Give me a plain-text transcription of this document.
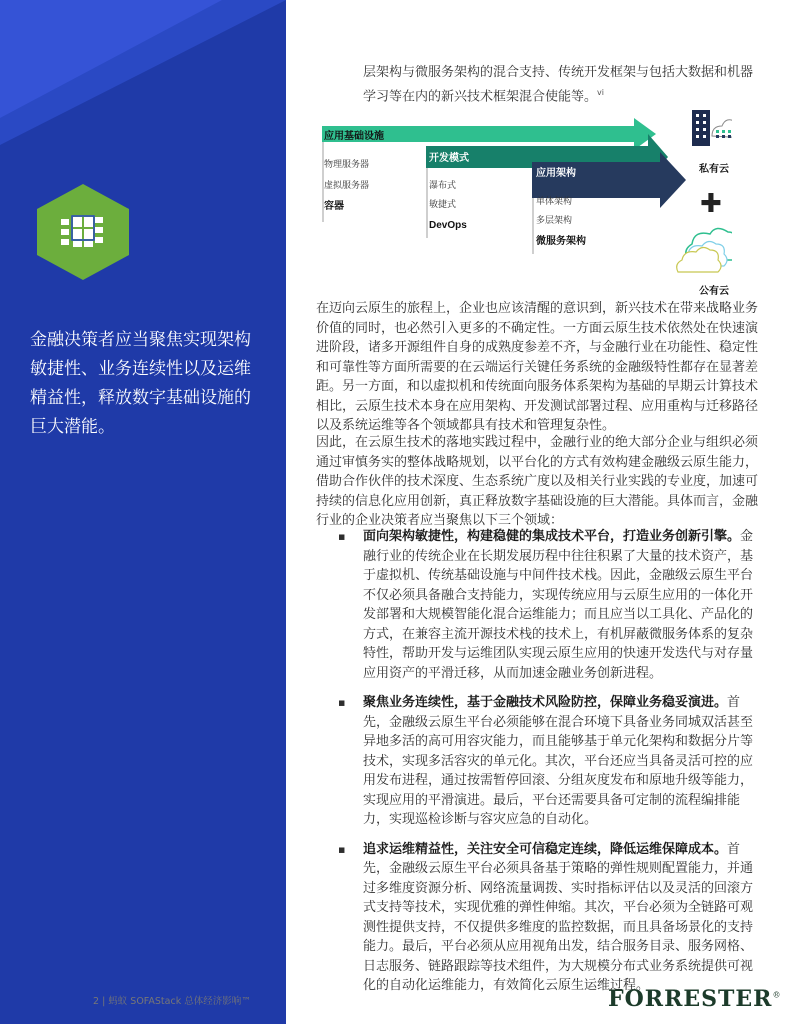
金融决策者应当聚焦实现架构敏捷性、业务连续性以及运维精益性，释放数字基础设施的巨大潜能。
层架构与微服务架构的混合支持、传统开发框架与包括大数据和机器学习等在内的新兴技术框架混合使能等。$^{vi}$
应用基础设施
物理服务器
虚拟服务器
容器
开发模式
瀑布式
敏捷式
DevOps
应用架构
单体架构
多层架构
微服务架构
私有云
✚
公有云
在迈向云原生的旅程上，企业也应该清醒的意识到，新兴技术在带来战略业务价值的同时，也必然引入更多的不确定性。一方面云原生技术依然处在快速演进阶段，诸多开源组件自身的成熟度参差不齐，与金融行业在功能性、稳定性和可靠性等方面所需要的在云端运行关键任务系统的金融级特性都存在显著差距。另一方面，和以虚拟机和传统面向服务体系架构为基础的早期云计算技术相比，云原生技术本身在应用架构、开发测试部署过程、应用重构与迁移路径以及系统运维等各个领域都具有技术和管理复杂性。
因此，在云原生技术的落地实践过程中，金融行业的绝大部分企业与组织必须通过审慎务实的整体战略规划，以平台化的方式有效构建金融级云原生能力，借助合作伙伴的技术深度、生态系统广度以及相关行业实践的专业度，加速可持续的信息化应用创新，真正释放数字基础设施的巨大潜能。具体而言，金融行业的企业决策者应当聚焦以下三个领域：
▪ 面向架构敏捷性，构建稳健的集成技术平台，打造业务创新引擎。金融行业的传统企业在长期发展历程中往往积累了大量的技术资产，基于虚拟机、传统基础设施与中间件技术栈。因此，金融级云原生平台不仅必须具备融合支持能力，实现传统应用与云原生应用的一体化开发部署和大规模智能化混合运维能力；而且应当以工具化、产品化的方式，在兼容主流开源技术栈的技术上，有机屏蔽微服务体系的复杂特性，帮助开发与运维团队实现云原生应用的快速开发迭代与对存量应用资产的平滑迁移，从而加速金融业务创新进程。
▪ 聚焦业务连续性，基于金融技术风险防控，保障业务稳妥演进。首先，金融级云原生平台必须能够在混合环境下具备业务同城双活甚至异地多活的高可用容灾能力，而且能够基于单元化架构和数据分片等技术，实现多活容灾的单元化。其次，平台还应当具备灵活可控的应用发布进程，通过按需暂停回滚、分组灰度发布和原地升级等能力，实现应用的平滑演进。最后，平台还需要具备可定制的流程编排能力，实现巡检诊断与容灾应急的自动化。
▪ 追求运维精益性，关注安全可信稳定连续，降低运维保障成本。首先，金融级云原生平台必须具备基于策略的弹性规则配置能力，并通过多维度资源分析、网络流量调拨、实时指标评估以及灵活的回滚方式支持等技术，实现优雅的弹性伸缩。其次，平台必须为全链路可观测性提供支持，不仅提供多维度的监控数据，而且具备场景化的支持能力。最后，平台必须从应用视角出发，结合服务目录、服务网格、日志服务、链路跟踪等技术组件，为大规模分布式业务系统提供可视化的自动化运维能力，有效简化云原生运维过程。
2 | 蚂蚁 SOFAStack 总体经济影响™	FORRESTER®
